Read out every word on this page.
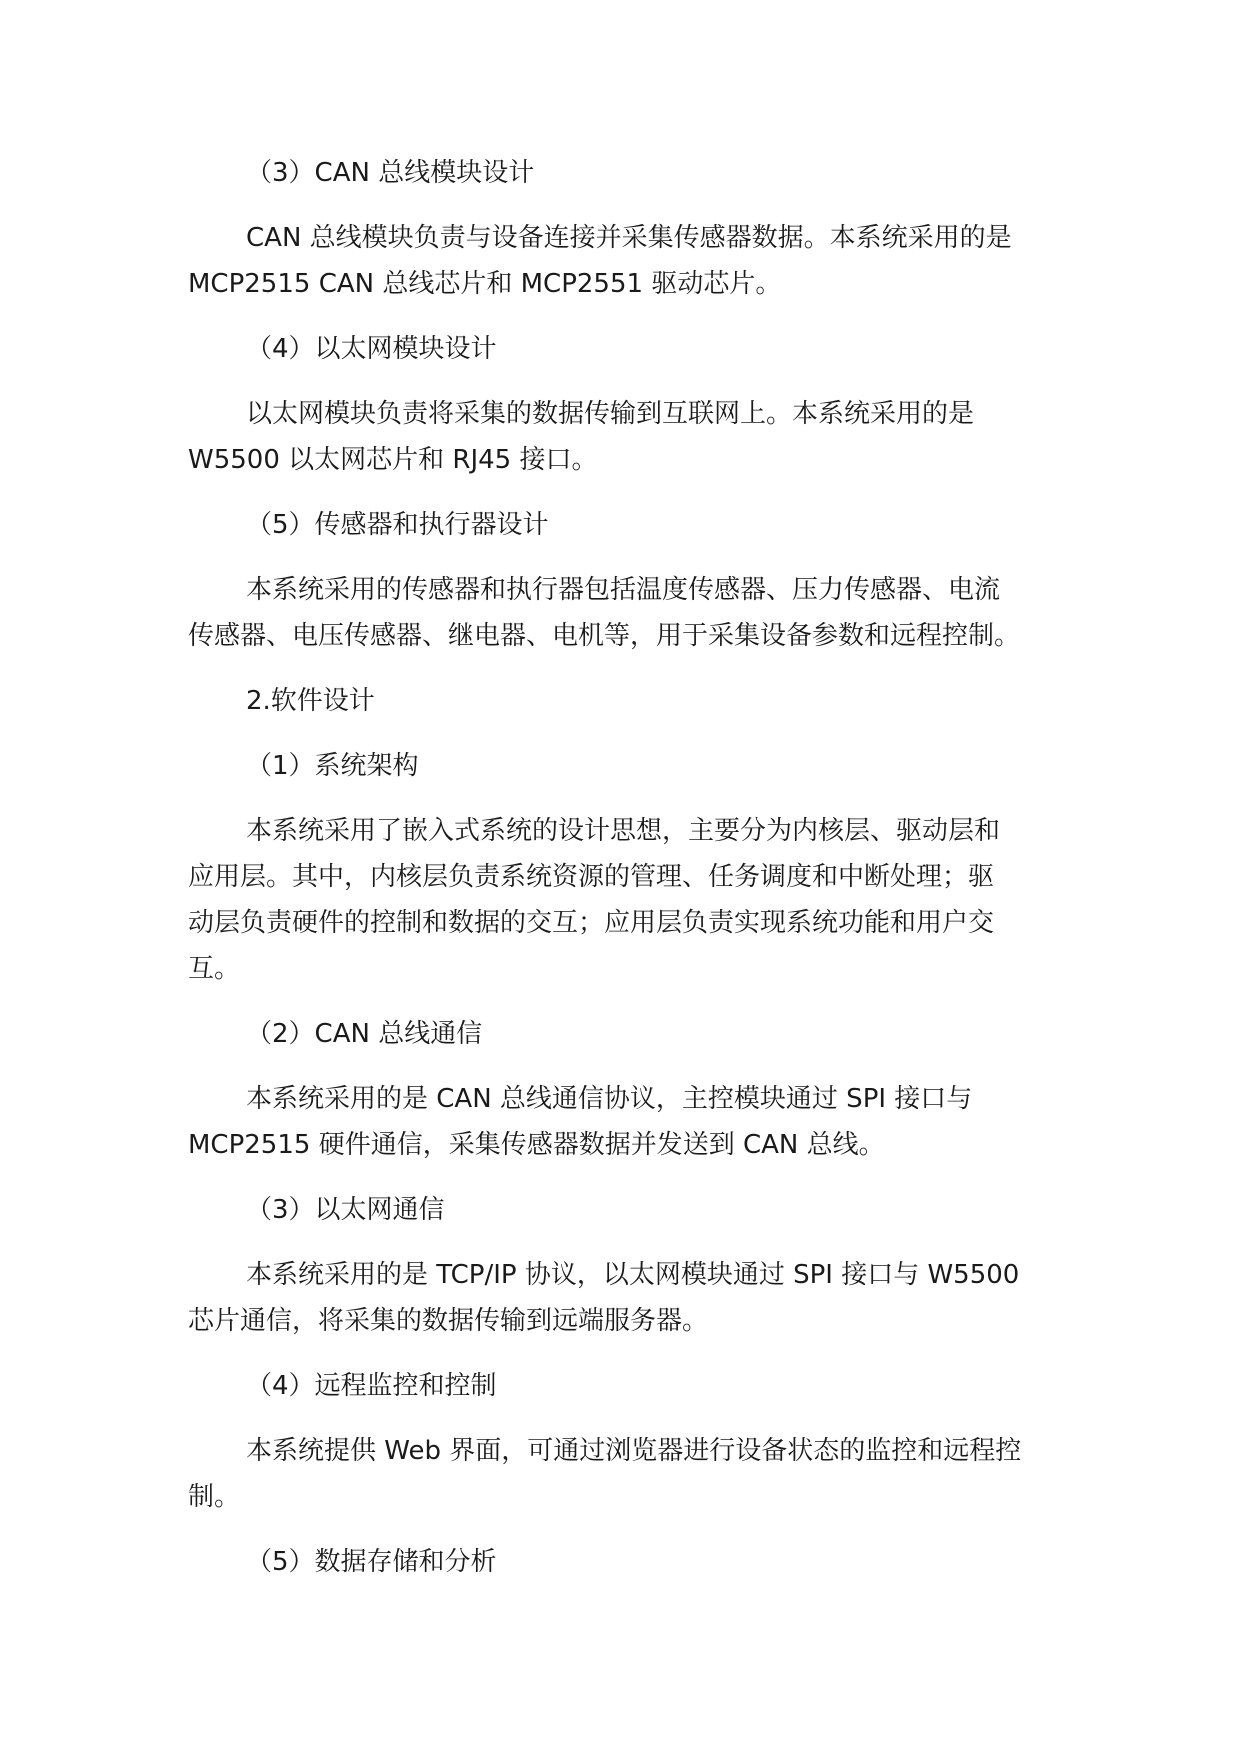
（3）CAN 总线模块设计

CAN 总线模块负责与设备连接并采集传感器数据。本系统采用的是
MCP2515 CAN 总线芯片和 MCP2551 驱动芯片。

（4）以太网模块设计

以太网模块负责将采集的数据传输到互联网上。本系统采用的是
W5500 以太网芯片和 RJ45 接口。

（5）传感器和执行器设计

本系统采用的传感器和执行器包括温度传感器、压力传感器、电流
传感器、电压传感器、继电器、电机等，用于采集设备参数和远程控制。

2.软件设计

（1）系统架构

本系统采用了嵌入式系统的设计思想，主要分为内核层、驱动层和
应用层。其中，内核层负责系统资源的管理、任务调度和中断处理；驱
动层负责硬件的控制和数据的交互；应用层负责实现系统功能和用户交
互。

（2）CAN 总线通信

本系统采用的是 CAN 总线通信协议，主控模块通过 SPI 接口与
MCP2515 硬件通信，采集传感器数据并发送到 CAN 总线。

（3）以太网通信

本系统采用的是 TCP/IP 协议，以太网模块通过 SPI 接口与 W5500
芯片通信，将采集的数据传输到远端服务器。

（4）远程监控和控制

本系统提供 Web 界面，可通过浏览器进行设备状态的监控和远程控
制。

（5）数据存储和分析
